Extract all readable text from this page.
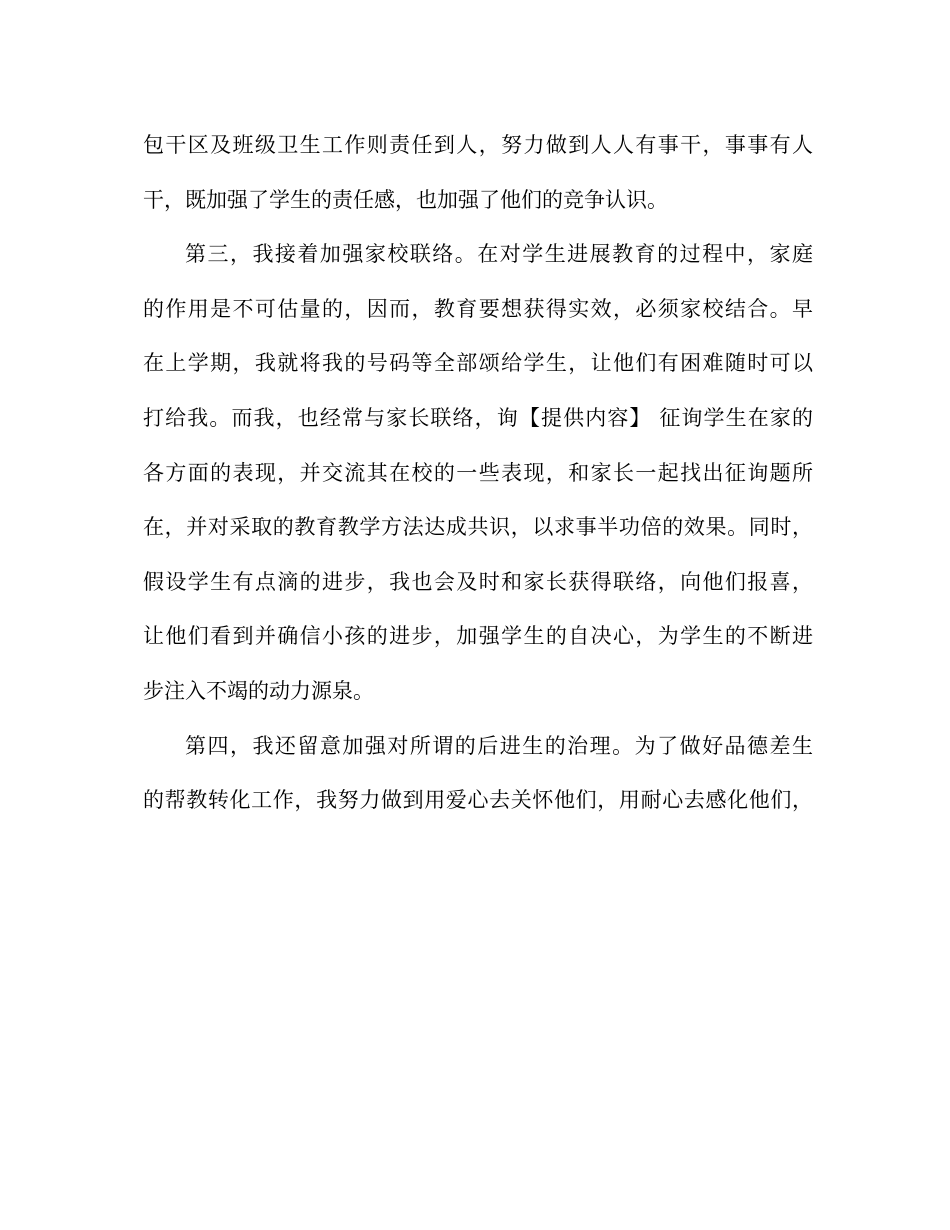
包干区及班级卫生工作则责任到人，努力做到人人有事干，事事有人
干，既加强了学生的责任感，也加强了他们的竞争认识。
第三，我接着加强家校联络。在对学生进展教育的过程中，家庭
的作用是不可估量的，因而，教育要想获得实效，必须家校结合。早
在上学期，我就将我的号码等全部颂给学生，让他们有困难随时可以
打给我。而我，也经常与家长联络，询【提供内容】 征询学生在家的
各方面的表现，并交流其在校的一些表现，和家长一起找出征询题所
在，并对采取的教育教学方法达成共识，以求事半功倍的效果。同时，
假设学生有点滴的进步，我也会及时和家长获得联络，向他们报喜，
让他们看到并确信小孩的进步，加强学生的自决心，为学生的不断进
步注入不竭的动力源泉。
第四，我还留意加强对所谓的后进生的治理。为了做好品德差生
的帮教转化工作，我努力做到用爱心去关怀他们，用耐心去感化他们，
